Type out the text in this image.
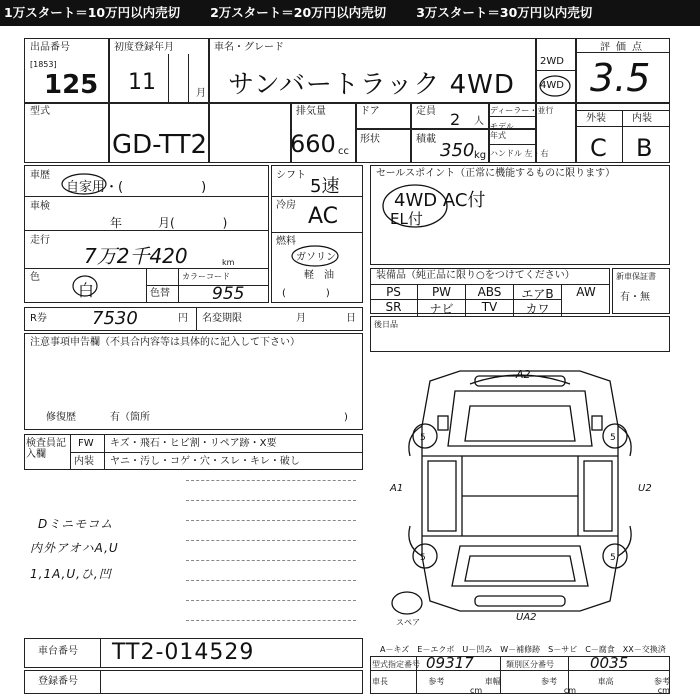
1万スタート＝10万円以内売切 2万スタート＝20万円以内売切 3万スタート＝30万円以内売切
出品番号
[1853]
125
初度登録年月
11	月
車名・グレード
サンバートラック 4WD
2WD
4WD
評価点
3.5
型式
GD-TT2
排気量
660 cc
ドア	定員 2 人
ディーラー・並行
モデル年式
ハンドル 左・右
形状	積載
350 kg
外装	内装
C B
車歴
自家用・(　　　　　　)
車検
年　　　月(　　　　)
走行
7万2千420	km
色
白	色替
カラーコード
955
シフト
5速
冷房 AC
燃料
ガソリン
軽　油
(　　　　)
セールスポイント（正常に機能するものに限ります）
4WD AC付
EL付
装備品（純正品に限り○をつけてください）
PS	PW	ABS	エアB	AW
SR	ナビ	TV	カワ
新車保証書
有・無
R券	7530	円 名変期限	月	日
後日品
注意事項申告欄（不具合内容等は具体的に記入して下さい）
修復歴	有（箇所	)
検査員記入欄
FW キズ・飛石・ヒビ割・リペア跡・X要
内装 ヤニ・汚し・コゲ・穴・スレ・キレ・破し
Dミニモコム
内外アオハA,U
1,1A,U,ひ,凹
5	5
5	5
A2
A1	U2
UA2
スペア
車台番号 TT2-014529
登録番号
A－キズ　E－エクボ　U－凹み　W－補修跡　S－サビ　C－腐食　XX－交換済
型式指定番号 09317	類別区分番号 0035
車長	参考	車幅	参考	車高	参考
cm	cm	cm
